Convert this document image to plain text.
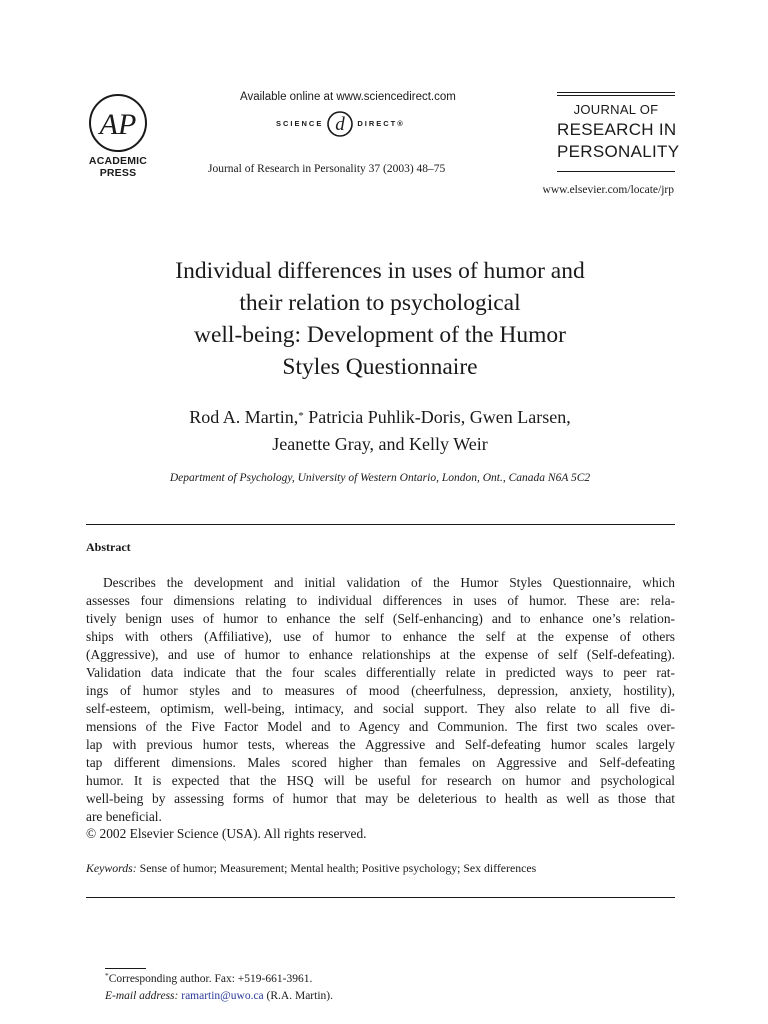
AP
ACADEMIC
PRESS
Available online at www.sciencedirect.com
SCIENCE d DIRECT®
Journal of Research in Personality 37 (2003) 48–75
JOURNAL OF
RESEARCH IN
PERSONALITY
www.elsevier.com/locate/jrp
Individual differences in uses of humor and
their relation to psychological
well-being: Development of the Humor
Styles Questionnaire
Rod A. Martin,* Patricia Puhlik-Doris, Gwen Larsen,
Jeanette Gray, and Kelly Weir
Department of Psychology, University of Western Ontario, London, Ont., Canada N6A 5C2
Abstract
Describes the development and initial validation of the Humor Styles Questionnaire, which
assesses four dimensions relating to individual differences in uses of humor. These are: rela-
tively benign uses of humor to enhance the self (Self-enhancing) and to enhance one’s relation-
ships with others (Affiliative), use of humor to enhance the self at the expense of others
(Aggressive), and use of humor to enhance relationships at the expense of self (Self-defeating).
Validation data indicate that the four scales differentially relate in predicted ways to peer rat-
ings of humor styles and to measures of mood (cheerfulness, depression, anxiety, hostility),
self-esteem, optimism, well-being, intimacy, and social support. They also relate to all five di-
mensions of the Five Factor Model and to Agency and Communion. The first two scales over-
lap with previous humor tests, whereas the Aggressive and Self-defeating humor scales largely
tap different dimensions. Males scored higher than females on Aggressive and Self-defeating
humor. It is expected that the HSQ will be useful for research on humor and psychological
well-being by assessing forms of humor that may be deleterious to health as well as those that
are beneficial.
© 2002 Elsevier Science (USA). All rights reserved.
Keywords: Sense of humor; Measurement; Mental health; Positive psychology; Sex differences
*Corresponding author. Fax: +519-661-3961.
E-mail address: ramartin@uwo.ca (R.A. Martin).
